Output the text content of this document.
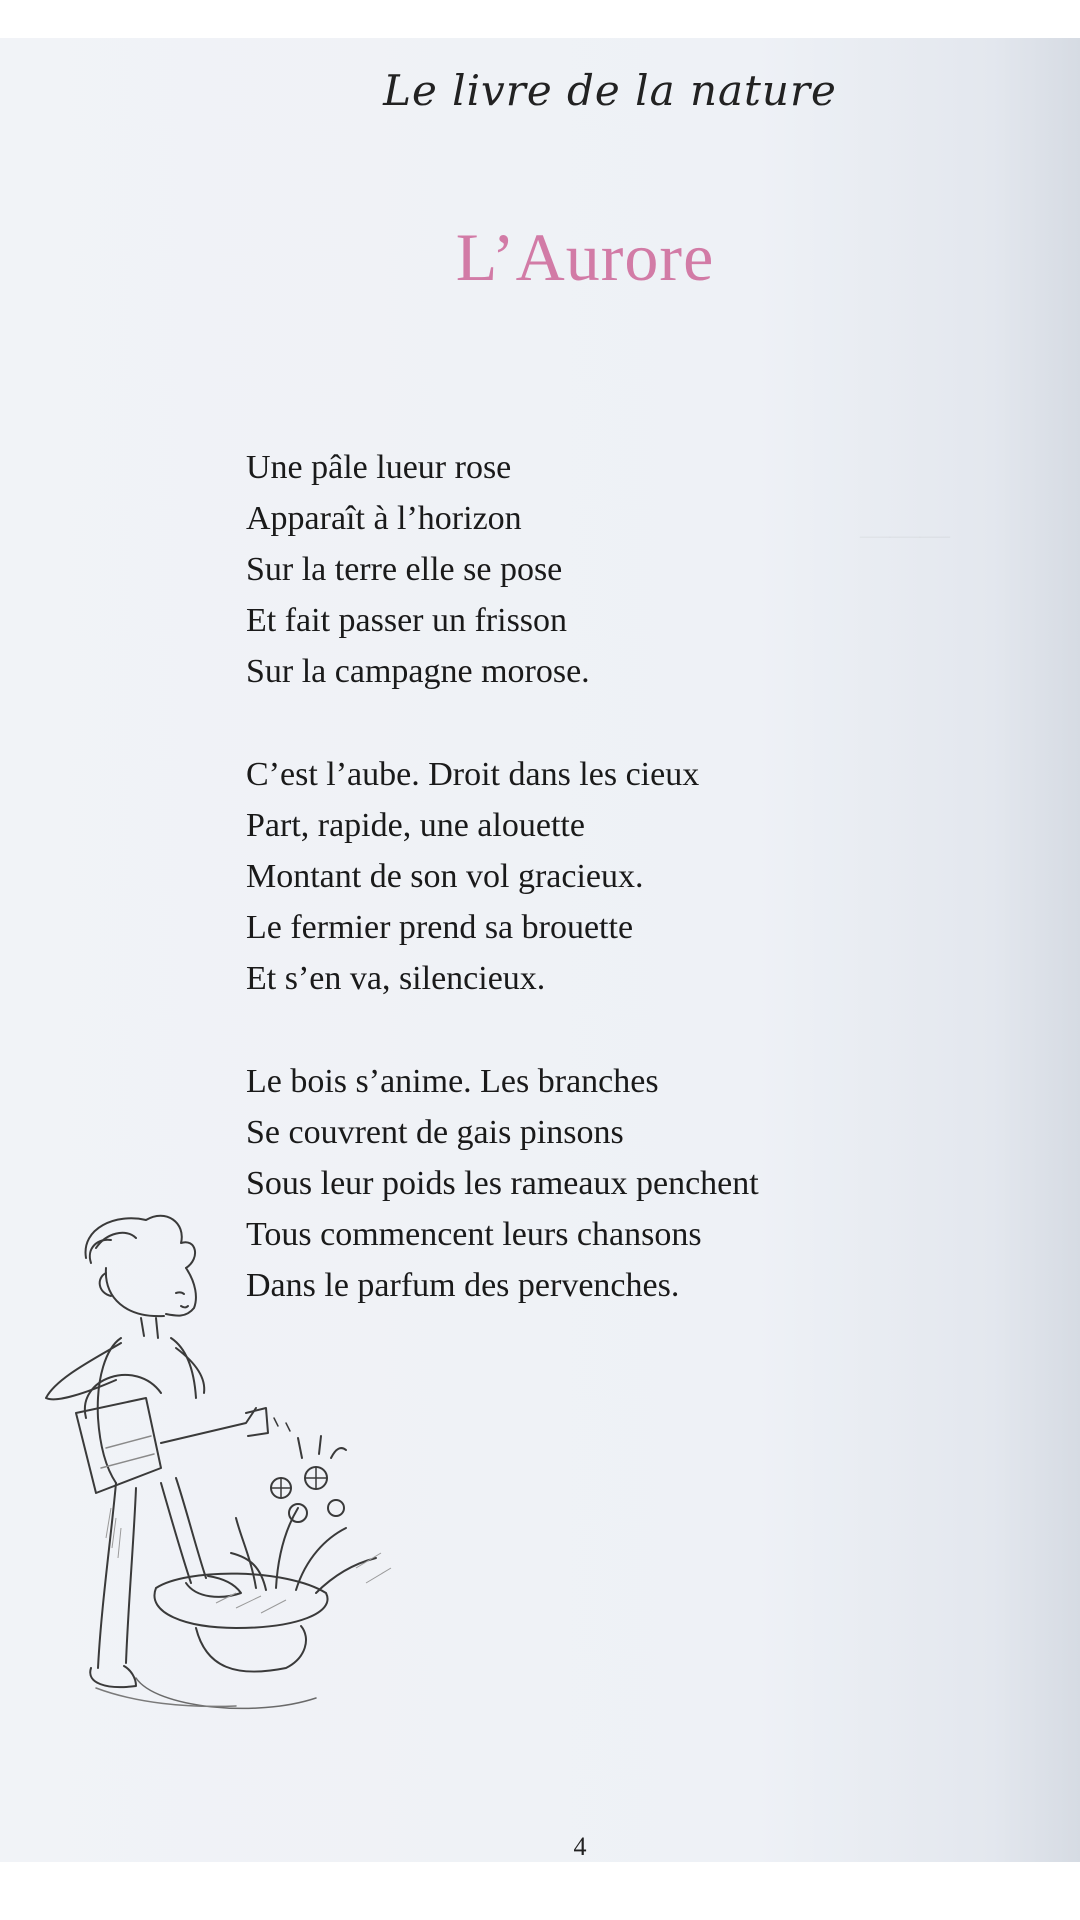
———
Le livre de la nature
L’Aurore
Une pâle lueur rose
Apparaît à l’horizon
Sur la terre elle se pose
Et fait passer un frisson
Sur la campagne morose.
C’est l’aube. Droit dans les cieux
Part, rapide, une alouette
Montant de son vol gracieux.
Le fermier prend sa brouette
Et s’en va, silencieux.
Le bois s’anime. Les branches
Se couvrent de gais pinsons
Sous leur poids les rameaux penchent
Tous commencent leurs chansons
Dans le parfum des pervenches.
4
